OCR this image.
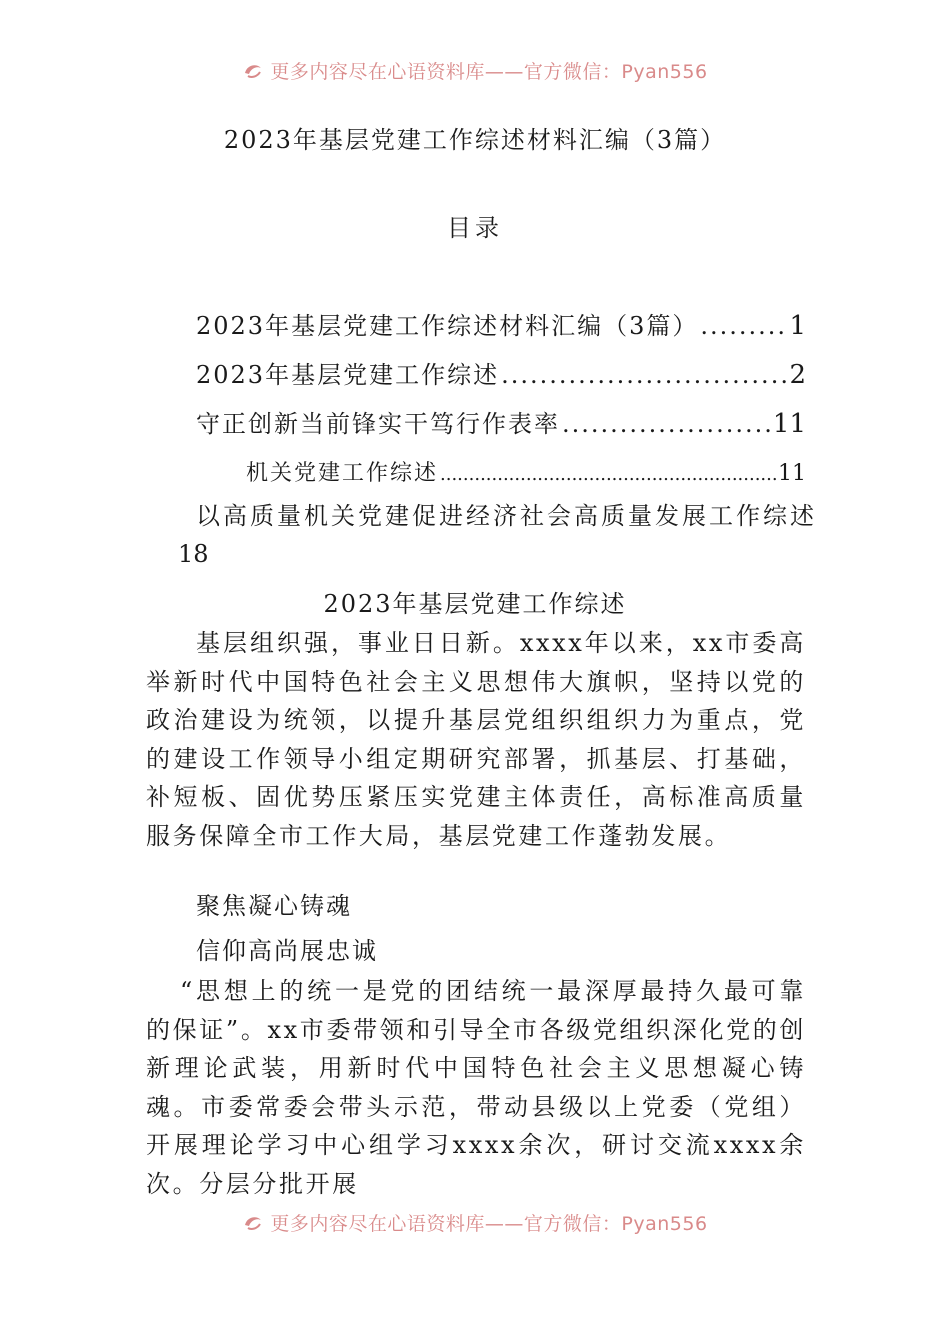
更多内容尽在心语资料库——官方微信：Pyan556
2023年基层党建工作综述材料汇编（3篇）
目录
2023年基层党建工作综述材料汇编（3篇） .....	1
2023年基层党建工作综述 .....	2
守正创新当前锋实干笃行作表率 .....	11
机关党建工作综述 .....	11
以高质量机关党建促进经济社会高质量发展工作综述
18
2023年基层党建工作综述
基层组织强，事业日日新。xxxx年以来，xx市委高举新时代中国特色社会主义思想伟大旗帜，坚持以党的政治建设为统领，以提升基层党组织组织力为重点，党的建设工作领导小组定期研究部署，抓基层、打基础，补短板、固优势压紧压实党建主体责任，高标准高质量服务保障全市工作大局，基层党建工作蓬勃发展。
聚焦凝心铸魂
信仰高尚展忠诚
“思想上的统一是党的团结统一最深厚最持久最可靠的保证”。xx市委带领和引导全市各级党组织深化党的创新理论武装，用新时代中国特色社会主义思想凝心铸魂。市委常委会带头示范，带动县级以上党委（党组）开展理论学习中心组学习xxxx余次，研讨交流xxxx余次。分层分批开展
更多内容尽在心语资料库——官方微信：Pyan556
